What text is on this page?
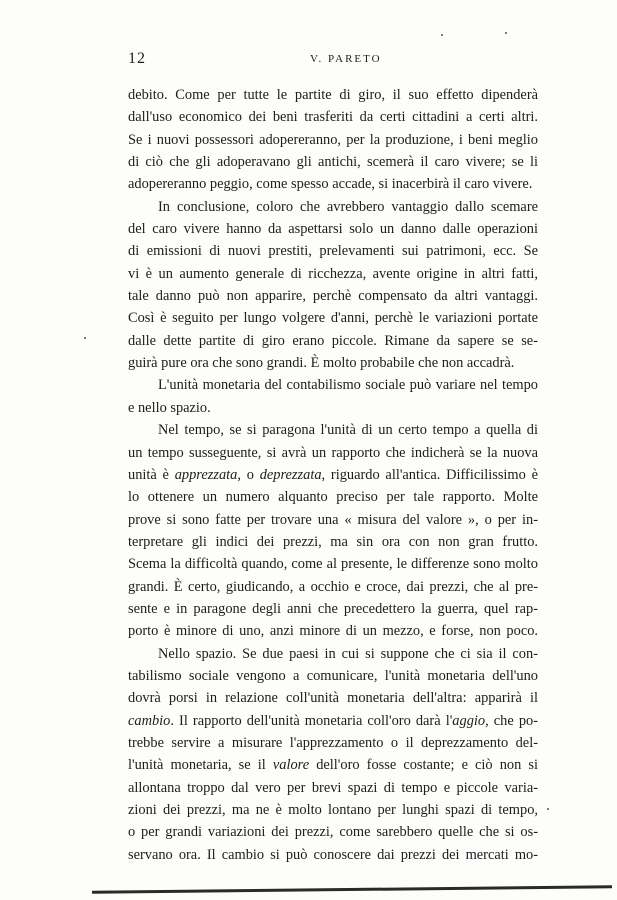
12	V. PARETO
debito. Come per tutte le partite di giro, il suo effetto dipenderà
dall'uso economico dei beni trasferiti da certi cittadini a certi altri.
Se i nuovi possessori adopereranno, per la produzione, i beni meglio
di ciò che gli adoperavano gli antichi, scemerà il caro vivere; se li
adopereranno peggio, come spesso accade, si inacerbirà il caro vivere.
In conclusione, coloro che avrebbero vantaggio dallo scemare
del caro vivere hanno da aspettarsi solo un danno dalle operazioni
di emissioni di nuovi prestiti, prelevamenti sui patrimoni, ecc. Se
vi è un aumento generale di ricchezza, avente origine in altri fatti,
tale danno può non apparire, perchè compensato da altri vantaggi.
Così è seguito per lungo volgere d'anni, perchè le variazioni portate
dalle dette partite di giro erano piccole. Rimane da sapere se se-
guirà pure ora che sono grandi. È molto probabile che non accadrà.
L'unità monetaria del contabilismo sociale può variare nel tempo
e nello spazio.
Nel tempo, se si paragona l'unità di un certo tempo a quella di
un tempo susseguente, si avrà un rapporto che indicherà se la nuova
unità è apprezzata, o deprezzata, riguardo all'antica. Difficilissimo è
lo ottenere un numero alquanto preciso per tale rapporto. Molte
prove si sono fatte per trovare una « misura del valore », o per in-
terpretare gli indici dei prezzi, ma sin ora con non gran frutto.
Scema la difficoltà quando, come al presente, le differenze sono molto
grandi. È certo, giudicando, a occhio e croce, dai prezzi, che al pre-
sente e in paragone degli anni che precedettero la guerra, quel rap-
porto è minore di uno, anzi minore di un mezzo, e forse, non poco.
Nello spazio. Se due paesi in cui si suppone che ci sia il con-
tabilismo sociale vengono a comunicare, l'unità monetaria dell'uno
dovrà porsi in relazione coll'unità monetaria dell'altra: apparirà il
cambio. Il rapporto dell'unità monetaria coll'oro darà l'aggio, che po-
trebbe servire a misurare l'apprezzamento o il deprezzamento del-
l'unità monetaria, se il valore dell'oro fosse costante; e ciò non si
allontana troppo dal vero per brevi spazi di tempo e piccole varia-
zioni dei prezzi, ma ne è molto lontano per lunghi spazi di tempo,
o per grandi variazioni dei prezzi, come sarebbero quelle che si os-
servano ora. Il cambio si può conoscere dai prezzi dei mercati mo-
